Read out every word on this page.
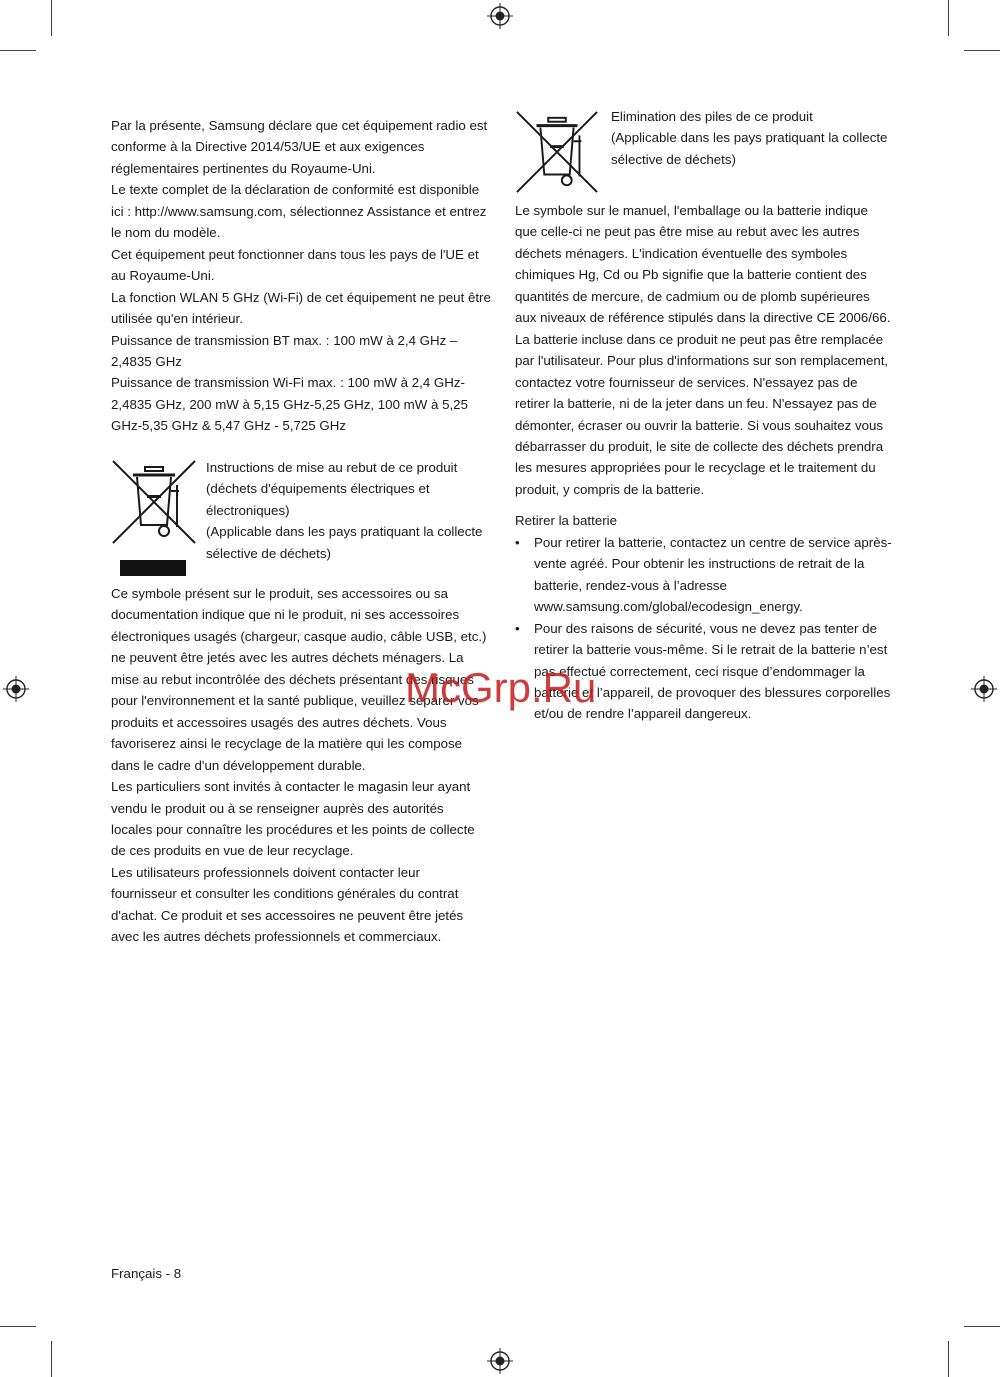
Par la présente, Samsung déclare que cet équipement radio est conforme à la Directive 2014/53/UE et aux exigences réglementaires pertinentes du Royaume-Uni.

Le texte complet de la déclaration de conformité est disponible ici : http://www.samsung.com, sélectionnez Assistance et entrez le nom du modèle.

Cet équipement peut fonctionner dans tous les pays de l'UE et au Royaume-Uni.

La fonction WLAN 5 GHz (Wi-Fi) de cet équipement ne peut être utilisée qu'en intérieur.

Puissance de transmission BT max. : 100 mW à 2,4 GHz – 2,4835 GHz

Puissance de transmission Wi-Fi max. : 100 mW à 2,4 GHz-2,4835 GHz, 200 mW à 5,15 GHz-5,25 GHz, 100 mW à 5,25 GHz-5,35 GHz & 5,47 GHz - 5,725 GHz

Instructions de mise au rebut de ce produit

(déchets d'équipements électriques et électroniques)

(Applicable dans les pays pratiquant la collecte sélective de déchets)

Ce symbole présent sur le produit, ses accessoires ou sa documentation indique que ni le produit, ni ses accessoires électroniques usagés (chargeur, casque audio, câble USB, etc.) ne peuvent être jetés avec les autres déchets ménagers. La mise au rebut incontrôlée des déchets présentant des risques pour l'environnement et la santé publique, veuillez séparer vos produits et accessoires usagés des autres déchets. Vous favoriserez ainsi le recyclage de la matière qui les compose dans le cadre d'un développement durable.

Les particuliers sont invités à contacter le magasin leur ayant vendu le produit ou à se renseigner auprès des autorités locales pour connaître les procédures et les points de collecte de ces produits en vue de leur recyclage.

Les utilisateurs professionnels doivent contacter leur fournisseur et consulter les conditions générales du contrat d'achat. Ce produit et ses accessoires ne peuvent être jetés avec les autres déchets professionnels et commerciaux.

Elimination des piles de ce produit

(Applicable dans les pays pratiquant la collecte sélective de déchets)

Le symbole sur le manuel, l'emballage ou la batterie indique que celle-ci ne peut pas être mise au rebut avec les autres déchets ménagers. L'indication éventuelle des symboles chimiques Hg, Cd ou Pb signifie que la batterie contient des quantités de mercure, de cadmium ou de plomb supérieures aux niveaux de référence stipulés dans la directive CE 2006/66.

La batterie incluse dans ce produit ne peut pas être remplacée par l'utilisateur. Pour plus d'informations sur son remplacement, contactez votre fournisseur de services. N'essayez pas de retirer la batterie, ni de la jeter dans un feu. N'essayez pas de démonter, écraser ou ouvrir la batterie. Si vous souhaitez vous débarrasser du produit, le site de collecte des déchets prendra les mesures appropriées pour le recyclage et le traitement du produit, y compris de la batterie.

Retirer la batterie

• Pour retirer la batterie, contactez un centre de service après-vente agréé. Pour obtenir les instructions de retrait de la batterie, rendez-vous à l’adresse www.samsung.com/global/ecodesign_energy.
• Pour des raisons de sécurité, vous ne devez pas tenter de retirer la batterie vous-même. Si le retrait de la batterie n’est pas effectué correctement, ceci risque d’endommager la batterie et l’appareil, de provoquer des blessures corporelles et/ou de rendre l’appareil dangereux.
McGrp.Ru
Français - 8
